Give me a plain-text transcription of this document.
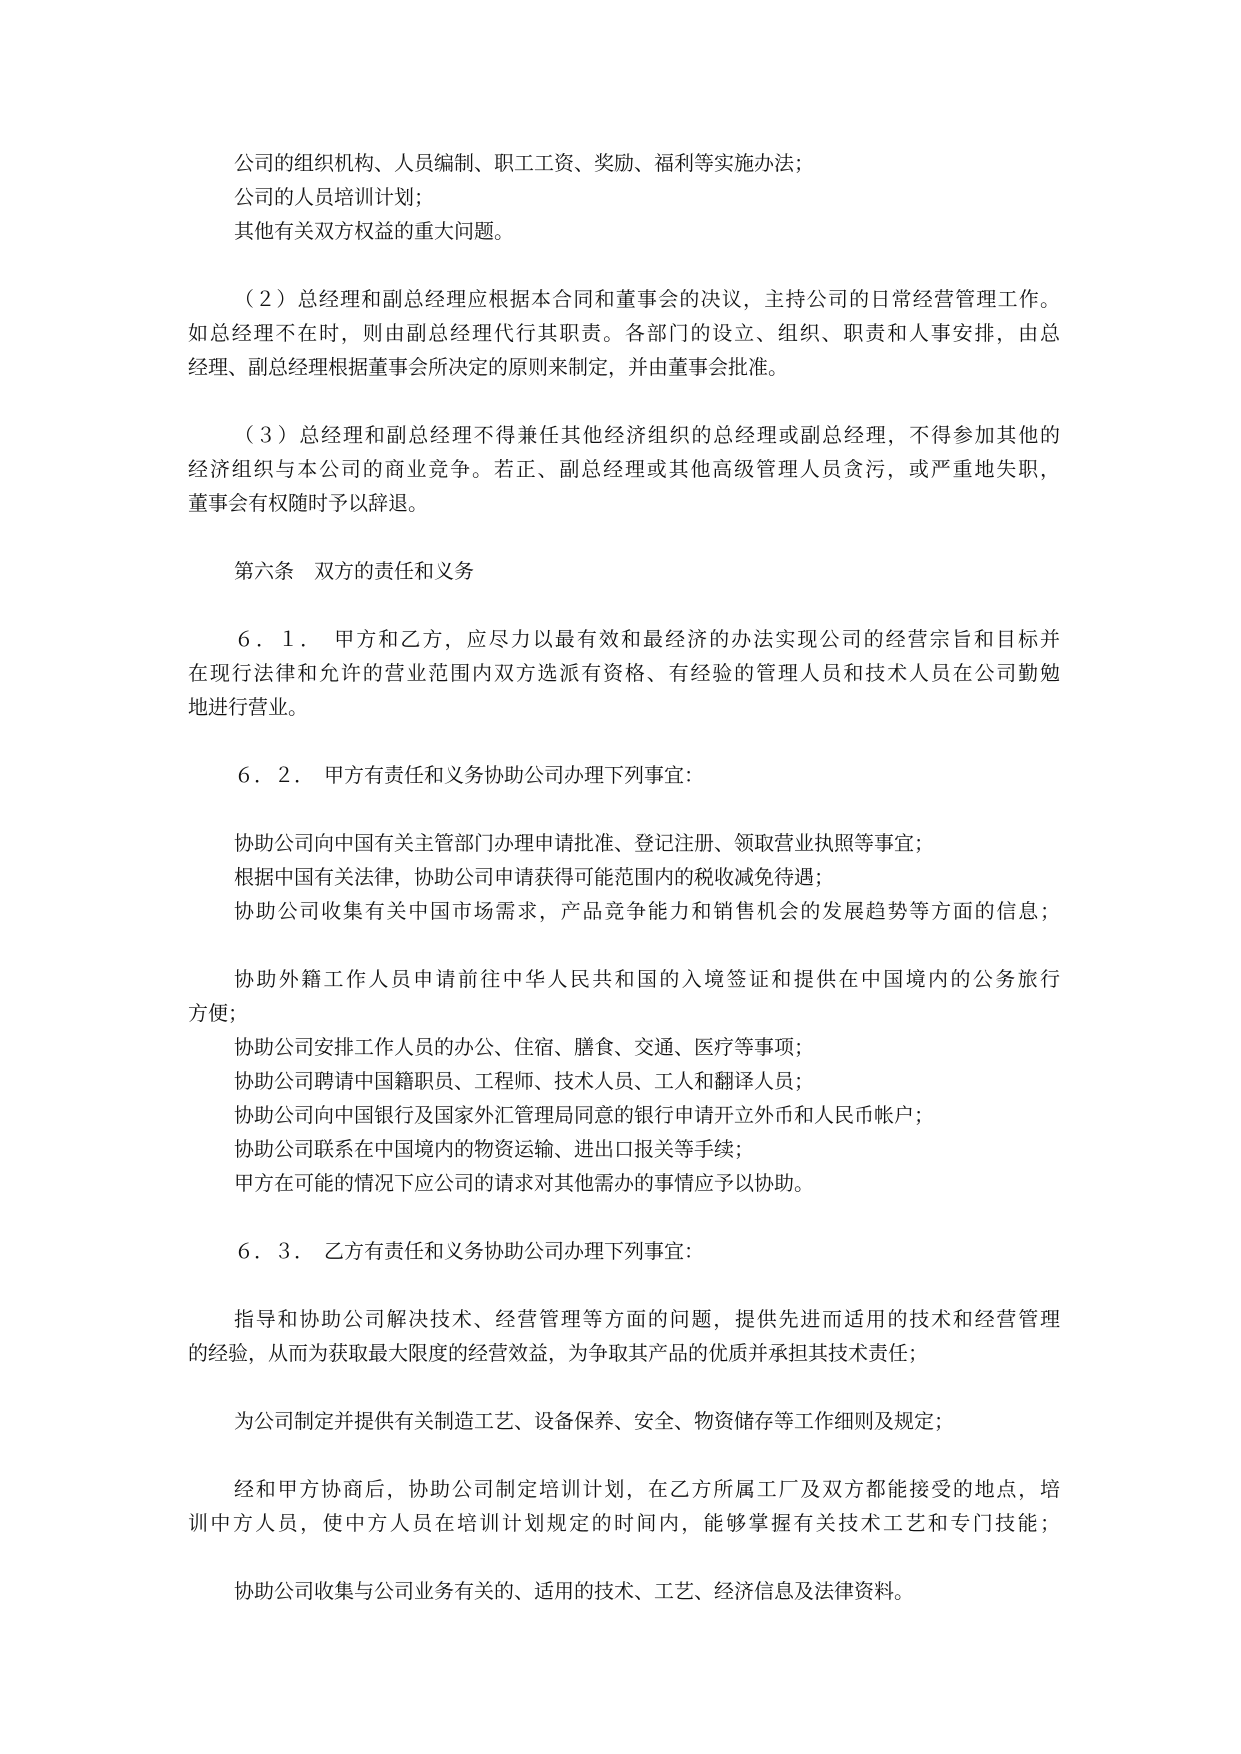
公司的组织机构、人员编制、职工工资、奖励、福利等实施办法；
公司的人员培训计划；
其他有关双方权益的重大问题。
（２）总经理和副总经理应根据本合同和董事会的决议，主持公司的日常经营管理工作。
如总经理不在时，则由副总经理代行其职责。各部门的设立、组织、职责和人事安排，由总
经理、副总经理根据董事会所决定的原则来制定，并由董事会批准。
（３）总经理和副总经理不得兼任其他经济组织的总经理或副总经理，不得参加其他的
经济组织与本公司的商业竞争。若正、副总经理或其他高级管理人员贪污，或严重地失职，
董事会有权随时予以辞退。
第六条　双方的责任和义务
６．１．　甲方和乙方，应尽力以最有效和最经济的办法实现公司的经营宗旨和目标并
在现行法律和允许的营业范围内双方选派有资格、有经验的管理人员和技术人员在公司勤勉
地进行营业。
６．２．　甲方有责任和义务协助公司办理下列事宜：
协助公司向中国有关主管部门办理申请批准、登记注册、领取营业执照等事宜；
根据中国有关法律，协助公司申请获得可能范围内的税收减免待遇；
协助公司收集有关中国市场需求，产品竞争能力和销售机会的发展趋势等方面的信息；
协助外籍工作人员申请前往中华人民共和国的入境签证和提供在中国境内的公务旅行
方便；
协助公司安排工作人员的办公、住宿、膳食、交通、医疗等事项；
协助公司聘请中国籍职员、工程师、技术人员、工人和翻译人员；
协助公司向中国银行及国家外汇管理局同意的银行申请开立外币和人民币帐户；
协助公司联系在中国境内的物资运输、进出口报关等手续；
甲方在可能的情况下应公司的请求对其他需办的事情应予以协助。
６．３．　乙方有责任和义务协助公司办理下列事宜：
指导和协助公司解决技术、经营管理等方面的问题，提供先进而适用的技术和经营管理
的经验，从而为获取最大限度的经营效益，为争取其产品的优质并承担其技术责任；
为公司制定并提供有关制造工艺、设备保养、安全、物资储存等工作细则及规定；
经和甲方协商后，协助公司制定培训计划，在乙方所属工厂及双方都能接受的地点，培
训中方人员，使中方人员在培训计划规定的时间内，能够掌握有关技术工艺和专门技能；
协助公司收集与公司业务有关的、适用的技术、工艺、经济信息及法律资料。
